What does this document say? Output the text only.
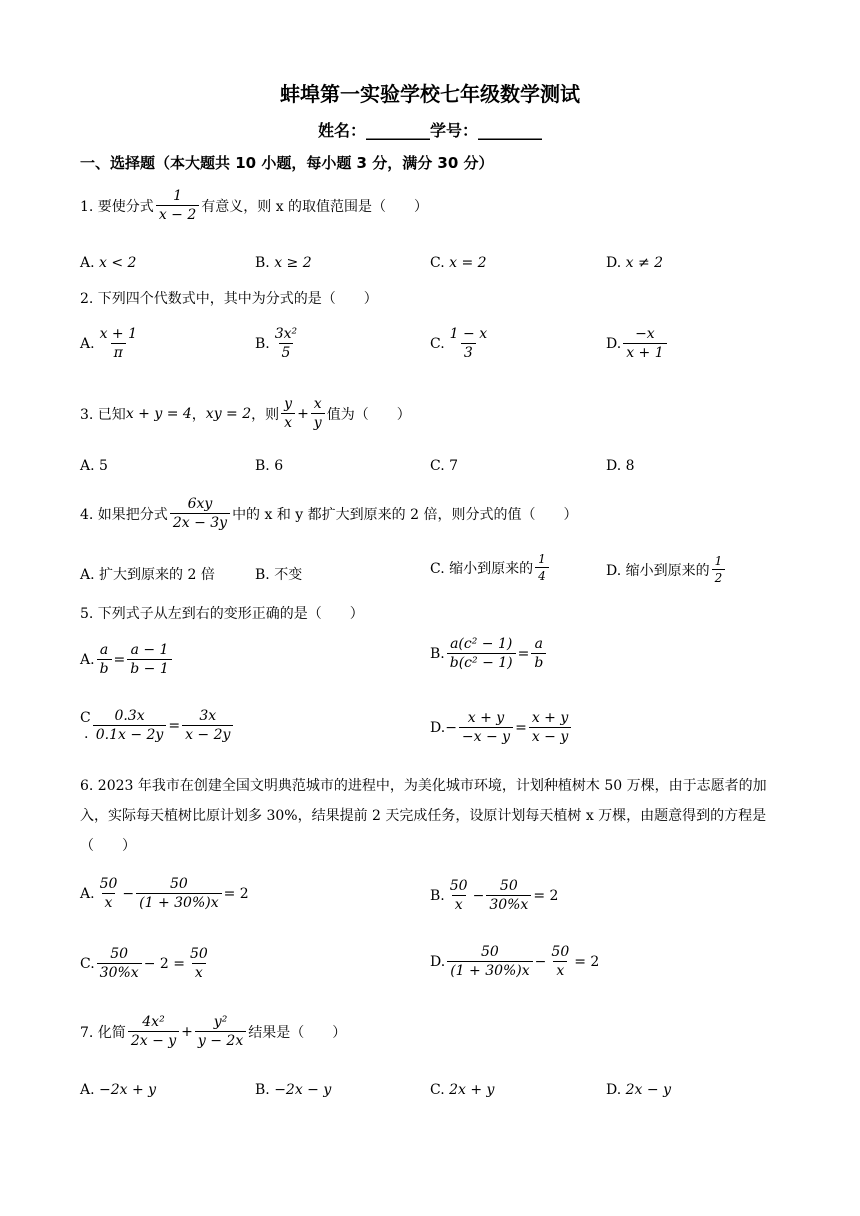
蚌埠第一实验学校七年级数学测试
姓名：________学号：________
一、选择题（本大题共 10 小题，每小题 3 分，满分 30 分）
1. 要使分式 $\frac{1}{x - 2}$ 有意义，则 x 的取值范围是（　　）
A. x < 2	B. x ≥ 2	C. x = 2	D. x ≠ 2
2. 下列四个代数式中，其中为分式的是（　　）
A. $\frac{x + 1}{\pi}$	B. $\frac{\text{3x²}}{5}$	C. $\frac{1 - x}{3}$	D. $\frac{-x}{x + 1}$
3. 已知 x + y = 4 ， xy = 2 ，则 $\frac{y}{x} + \frac{x}{y}$ 值为（　　）
A. 5	B. 6	C. 7	D. 8
4. 如果把分式 $\frac{6xy}{2x - 3y}$ 中的 x 和 y 都扩大到原来的 2 倍，则分式的值（　　）
A. 扩大到原来的 2 倍	B. 不变	C. 缩小到原来的 $\frac{1}{4}$	D. 缩小到原来的 $\frac{1}{2}$
5. 下列式子从左到右的变形正确的是（　　）
A. $\frac{a}{b} = \frac{a - 1}{b - 1}$	B. $\frac{\text{a(c² − 1)}}{\text{b(c² − 1)}} = \frac{a}{b}$
C
. $\frac{0.3x}{0.1x - 2y} = \frac{3x}{x - 2y}$	D. − $\frac{x + y}{-x - y} = \frac{x + y}{x - y}$
6. 2023 年我市在创建全国文明典范城市的进程中，为美化城市环境，计划种植树木 50 万棵，由于志愿者的加入，实际每天植树比原计划多 30%，结果提前 2 天完成任务，设原计划每天植树 x 万棵，由题意得到的方程是（　　）
A. $\frac{50}{x} - \frac{50}{(1 + 30\%)x} = 2$	B. $\frac{50}{x} - \frac{50}{30\%x} = 2$
C. $\frac{50}{30\%x} - 2 = \frac{50}{x}$	D. $\frac{50}{(1 + 30\%)x} - \frac{50}{x} = 2$
7. 化简 $\frac{\text{4x²}}{2x - y} + \frac{\text{y²}}{y - 2x}$ 结果是（　　）
A. −2x + y	B. −2x − y	C. 2x + y	D. 2x − y
